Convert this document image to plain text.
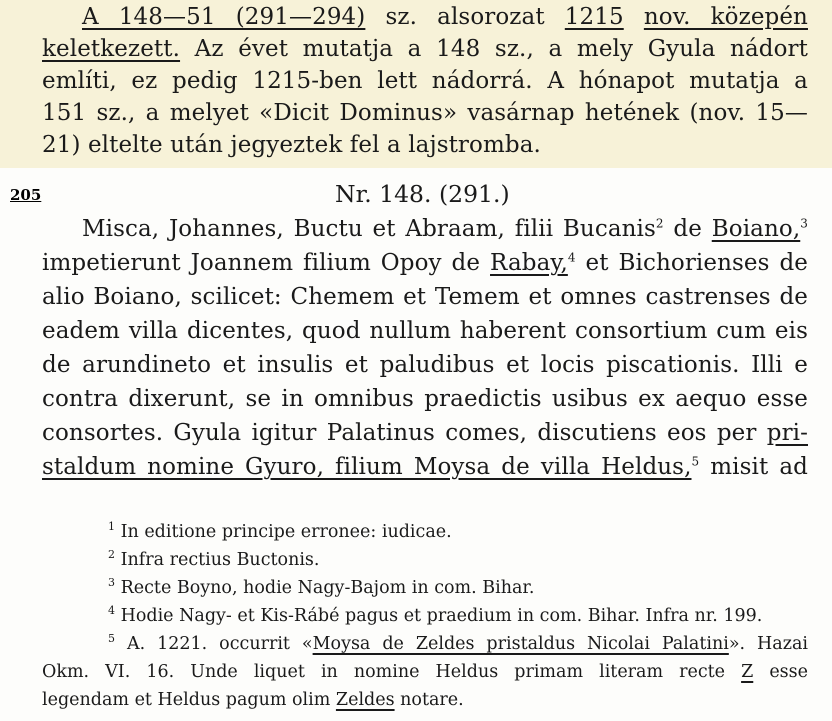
A 148—51 (291—294) sz. alsorozat 1215 nov. közepén
keletkezett. Az évet mutatja a 148 sz., a mely Gyula nádort
említi, ez pedig 1215-ben lett nádorrá. A hónapot mutatja a
151 sz., a melyet «Dicit Dominus» vasárnap hetének (nov. 15—
21) eltelte után jegyeztek fel a lajstromba.
205	Nr. 148. (291.)
Misca, Johannes, Buctu et Abraam, filii Bucanis$^2$ de Boiano,$^3$
impetierunt Joannem filium Opoy de Rabay,$^4$ et Bichorienses de
alio Boiano, scilicet: Chemem et Temem et omnes castrenses de
eadem villa dicentes, quod nullum haberent consortium cum eis
de arundineto et insulis et paludibus et locis piscationis. Illi e
contra dixerunt, se in omnibus praedictis usibus ex aequo esse
consortes. Gyula igitur Palatinus comes, discutiens eos per pri-
staldum nomine Gyuro, filium Moysa de villa Heldus,$^5$ misit ad
$^1$ In editione principe erronee: iudicae.
$^2$ Infra rectius Buctonis.
$^3$ Recte Boyno, hodie Nagy-Bajom in com. Bihar.
$^4$ Hodie Nagy- et Kis-Rábé pagus et praedium in com. Bihar. Infra nr. 199.
$^5$ A. 1221. occurrit «Moysa de Zeldes pristaldus Nicolai Palatini». Hazai
Okm. VI. 16. Unde liquet in nomine Heldus primam literam recte Z esse
legendam et Heldus pagum olim Zeldes notare.
